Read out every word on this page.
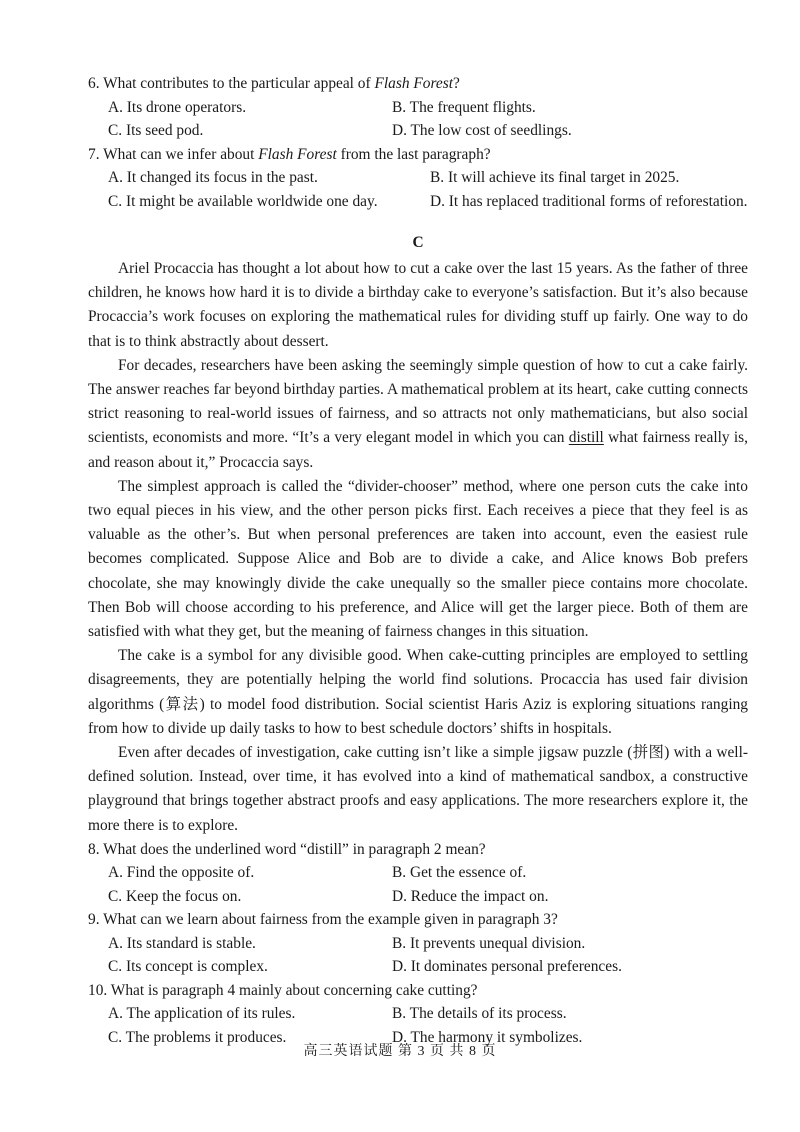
6. What contributes to the particular appeal of Flash Forest?

A. Its drone operators.	B. The frequent flights.
C. Its seed pod.	D. The low cost of seedlings.

7. What can we infer about Flash Forest from the last paragraph?

A. It changed its focus in the past.	B. It will achieve its final target in 2025.
C. It might be available worldwide one day.	D. It has replaced traditional forms of reforestation.
C

Ariel Procaccia has thought a lot about how to cut a cake over the last 15 years. As the father of three children, he knows how hard it is to divide a birthday cake to everyone’s satisfaction. But it’s also because Procaccia’s work focuses on exploring the mathematical rules for dividing stuff up fairly. One way to do that is to think abstractly about dessert.

For decades, researchers have been asking the seemingly simple question of how to cut a cake fairly. The answer reaches far beyond birthday parties. A mathematical problem at its heart, cake cutting connects strict reasoning to real-world issues of fairness, and so attracts not only mathematicians, but also social scientists, economists and more. “It’s a very elegant model in which you can distill what fairness really is, and reason about it,” Procaccia says.

The simplest approach is called the “divider-chooser” method, where one person cuts the cake into two equal pieces in his view, and the other person picks first. Each receives a piece that they feel is as valuable as the other’s. But when personal preferences are taken into account, even the easiest rule becomes complicated. Suppose Alice and Bob are to divide a cake, and Alice knows Bob prefers chocolate, she may knowingly divide the cake unequally so the smaller piece contains more chocolate. Then Bob will choose according to his preference, and Alice will get the larger piece. Both of them are satisfied with what they get, but the meaning of fairness changes in this situation.

The cake is a symbol for any divisible good. When cake-cutting principles are employed to settling disagreements, they are potentially helping the world find solutions. Procaccia has used fair division algorithms (算法) to model food distribution. Social scientist Haris Aziz is exploring situations ranging from how to divide up daily tasks to how to best schedule doctors’ shifts in hospitals.

Even after decades of investigation, cake cutting isn’t like a simple jigsaw puzzle (拼图) with a well-defined solution. Instead, over time, it has evolved into a kind of mathematical sandbox, a constructive playground that brings together abstract proofs and easy applications. The more researchers explore it, the more there is to explore.

8. What does the underlined word “distill” in paragraph 2 mean?

A. Find the opposite of.	B. Get the essence of.
C. Keep the focus on.	D. Reduce the impact on.

9. What can we learn about fairness from the example given in paragraph 3?

A. Its standard is stable.	B. It prevents unequal division.
C. Its concept is complex.	D. It dominates personal preferences.

10. What is paragraph 4 mainly about concerning cake cutting?

A. The application of its rules.	B. The details of its process.
C. The problems it produces.	D. The harmony it symbolizes.
高三英语试题 第 3 页 共 8 页
